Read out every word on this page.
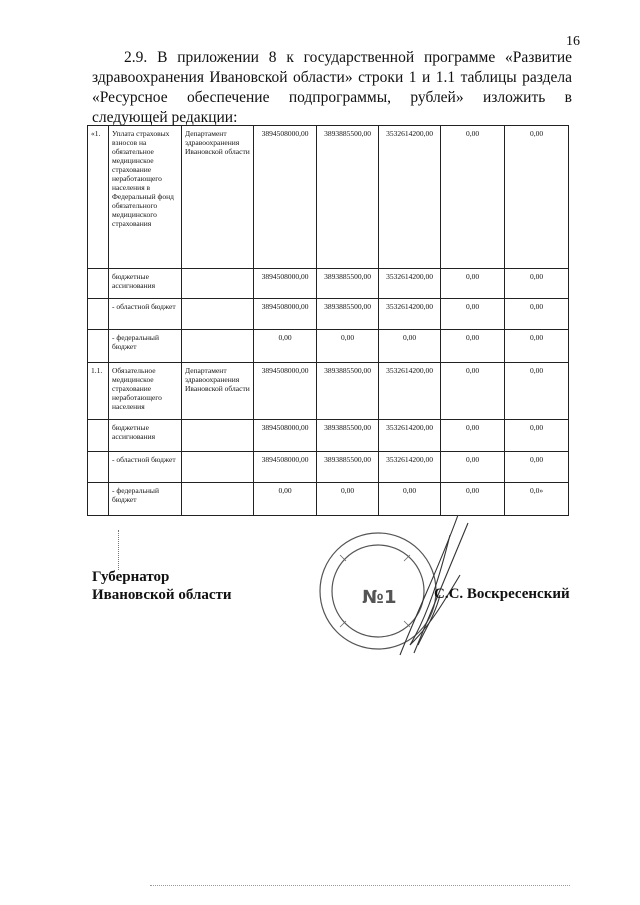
16

2.9. В приложении 8 к государственной программе «Развитие здравоохранения Ивановской области» строки 1 и 1.1 таблицы раздела «Ресурсное обеспечение подпрограммы, рублей» изложить в следующей редакции:

«1.	Уплата страховых взносов на обязательное медицинское страхование неработающего населения в Федеральный фонд обязательного медицинского страхования	Департамент здравоохранения Ивановской области	3894508000,00	3893885500,00	3532614200,00	0,00	0,00
	бюджетные ассигнования		3894508000,00	3893885500,00	3532614200,00	0,00	0,00
	- областной бюджет		3894508000,00	3893885500,00	3532614200,00	0,00	0,00
	- федеральный бюджет		0,00	0,00	0,00	0,00	0,00
1.1.	Обязательное медицинское страхование неработающего населения	Департамент здравоохранения Ивановской области	3894508000,00	3893885500,00	3532614200,00	0,00	0,00
	бюджетные ассигнования		3894508000,00	3893885500,00	3532614200,00	0,00	0,00
	- областной бюджет		3894508000,00	3893885500,00	3532614200,00	0,00	0,00
	- федеральный бюджет		0,00	0,00	0,00	0,00	0,0»
Губернатор
Ивановской области	№ 1 С.С. Воскресенский
